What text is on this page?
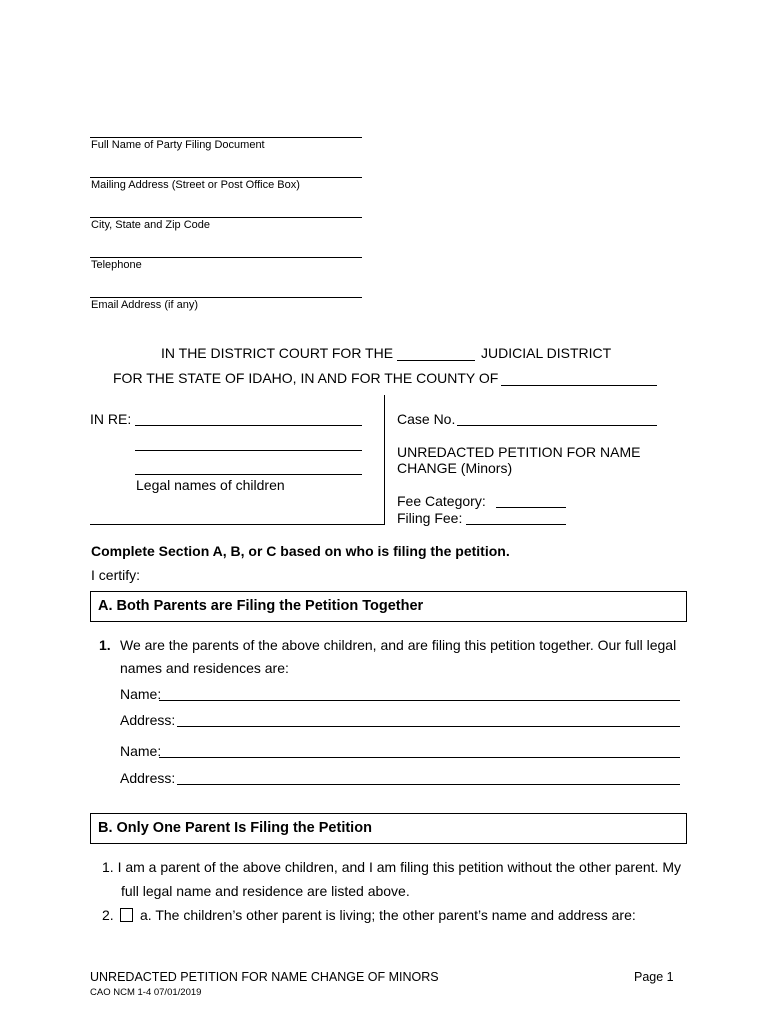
Full Name of Party Filing Document
Mailing Address (Street or Post Office Box)
City, State and Zip Code
Telephone
Email Address (if any)
IN THE DISTRICT COURT FOR THE	JUDICIAL DISTRICT
FOR THE STATE OF IDAHO, IN AND FOR THE COUNTY OF
IN RE:
Legal names of children
Case No.
UNREDACTED PETITION FOR NAME
CHANGE (Minors)
Fee Category:
Filing Fee:
Complete Section A, B, or C based on who is filing the petition.
I certify:
A. Both Parents are Filing the Petition Together
1. We are the parents of the above children, and are filing this petition together. Our full legal
names and residences are:
Name:
Address:
Name:
Address:
B. Only One Parent Is Filing the Petition
1. I am a parent of the above children, and I am filing this petition without the other parent. My
full legal name and residence are listed above.
2. a. The children’s other parent is living; the other parent’s name and address are:
UNREDACTED PETITION FOR NAME CHANGE OF MINORS
CAO NCM 1-4 07/01/2019
Page 1
